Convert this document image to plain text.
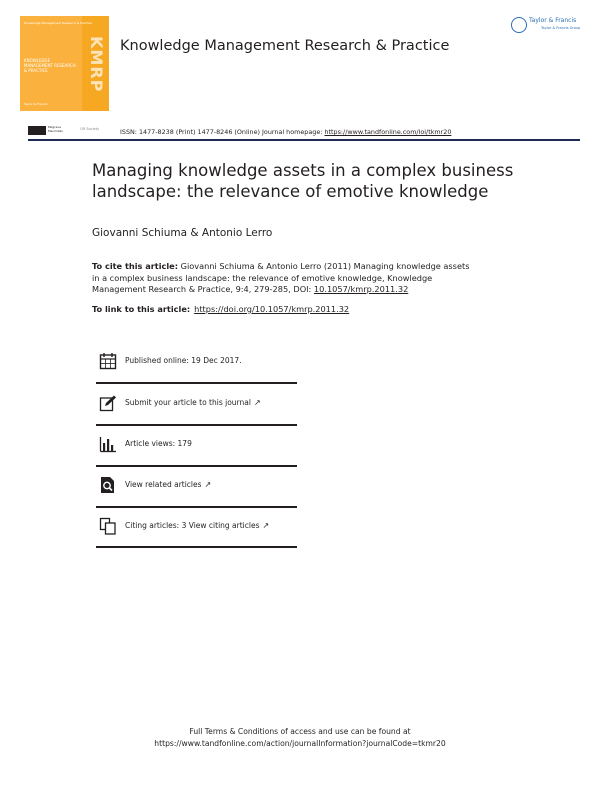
Knowledge Management Research & Practice
KNOWLEDGE MANAGEMENT RESEARCH & PRACTICE
Taylor & Francis
KMRP Knowledge Management Research & Practice
Taylor & Francis
Taylor & Francis Group
Palgrave Macmillan	OR Society	ISSN: 1477-8238 (Print) 1477-8246 (Online) Journal homepage: https://www.tandfonline.com/loi/tkmr20
Managing knowledge assets in a complex business landscape: the relevance of emotive knowledge
Giovanni Schiuma & Antonio Lerro
To cite this article: Giovanni Schiuma & Antonio Lerro (2011) Managing knowledge assets in a complex business landscape: the relevance of emotive knowledge, Knowledge Management Research & Practice, 9:4, 279-285, DOI: 10.1057/kmrp.2011.32
To link to this article: https://doi.org/10.1057/kmrp.2011.32
Published online: 19 Dec 2017.
Submit your article to this journal ↗
Article views: 179
View related articles ↗
Citing articles: 3 View citing articles ↗
Full Terms & Conditions of access and use can be found at
https://www.tandfonline.com/action/journalInformation?journalCode=tkmr20
